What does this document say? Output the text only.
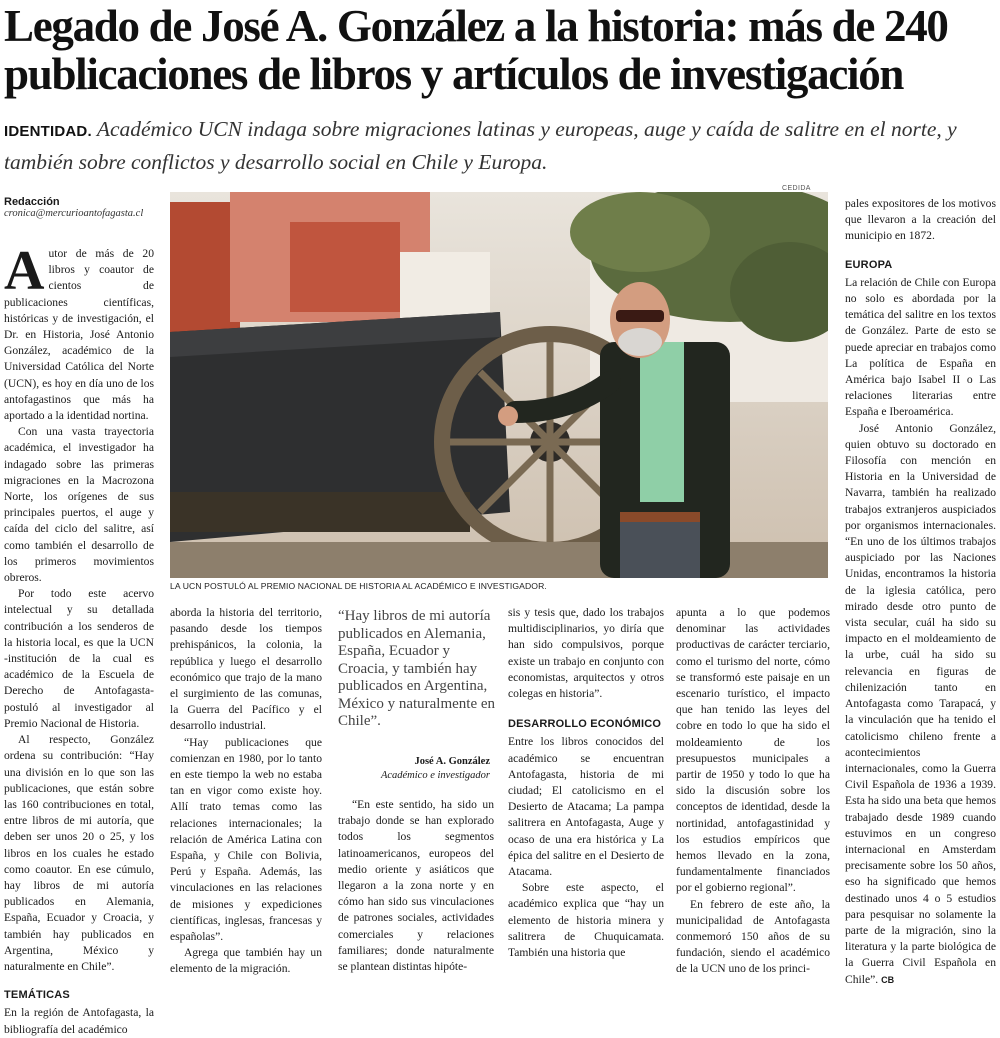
Legado de José A. González a la historia: más de 240 publicaciones de libros y artículos de investigación

IDENTIDAD. Académico UCN indaga sobre migraciones latinas y europeas, auge y caída de salitre en el norte, y también sobre conflictos y desarrollo social en Chile y Europa.

Redacción
cronica@mercurioantofagasta.cl
CEDIDA

Autor de más de 20 libros y coautor de cientos de publicaciones científicas, históricas y de investigación, el Dr. en Historia, José Antonio González, académico de la Universidad Católica del Norte (UCN), es hoy en día uno de los antofagastinos que más ha aportado a la identidad nortina.

Con una vasta trayectoria académica, el investigador ha indagado sobre las primeras migraciones en la Macrozona Norte, los orígenes de sus principales puertos, el auge y caída del ciclo del salitre, así como también el desarrollo de los primeros movimientos obreros.

Por todo este acervo intelectual y su detallada contribución a los senderos de la historia local, es que la UCN -institución de la cual es académico de la Escuela de Derecho de Antofagasta- postuló al investigador al Premio Nacional de Historia.

Al respecto, González ordena su contribución: “Hay una división en lo que son las publicaciones, que están sobre las 160 contribuciones en total, entre libros de mi autoría, que deben ser unos 20 o 25, y los libros en los cuales he estado como coautor. En ese cúmulo, hay libros de mi autoría publicados en Alemania, España, Ecuador y Croacia, y también hay publicados en Argentina, México y naturalmente en Chile”.

TEMÁTICAS

En la región de Antofagasta, la bibliografía del académico

LA UCN POSTULÓ AL PREMIO NACIONAL DE HISTORIA AL ACADÉMICO E INVESTIGADOR.

aborda la historia del territorio, pasando desde los tiempos prehispánicos, la colonia, la república y luego el desarrollo económico que trajo de la mano el surgimiento de las comunas, la Guerra del Pacífico y el desarrollo industrial.

“Hay publicaciones que comienzan en 1980, por lo tanto en este tiempo la web no estaba tan en vigor como existe hoy. Allí trato temas como las relaciones internacionales; la relación de América Latina con España, y Chile con Bolivia, Perú y España. Además, las vinculaciones en las relaciones de misiones y expediciones científicas, inglesas, francesas y españolas”.

Agrega que también hay un elemento de la migración.

“Hay libros de mi autoría publicados en Alemania, España, Ecuador y Croacia, y también hay publicados en Argentina, México y naturalmente en Chile”.
José A. González
Académico e investigador

“En este sentido, ha sido un trabajo donde se han explorado todos los segmentos latinoamericanos, europeos del medio oriente y asiáticos que llegaron a la zona norte y en cómo han sido sus vinculaciones de patrones sociales, actividades comerciales y relaciones familiares; donde naturalmente se plantean distintas hipóte-

sis y tesis que, dado los trabajos multidisciplinarios, yo diría que han sido compulsivos, porque existe un trabajo en conjunto con economistas, arquitectos y otros colegas en historia”.

DESARROLLO ECONÓMICO

Entre los libros conocidos del académico se encuentran Antofagasta, historia de mi ciudad; El catolicismo en el Desierto de Atacama; La pampa salitrera en Antofagasta, Auge y ocaso de una era histórica y La épica del salitre en el Desierto de Atacama.

Sobre este aspecto, el académico explica que “hay un elemento de historia minera y salitrera de Chuquicamata. También una historia que

apunta a lo que podemos denominar las actividades productivas de carácter terciario, como el turismo del norte, cómo se transformó este paisaje en un escenario turístico, el impacto que han tenido las leyes del cobre en todo lo que ha sido el moldeamiento de los presupuestos municipales a partir de 1950 y todo lo que ha sido la discusión sobre los conceptos de identidad, desde la nortinidad, antofagastinidad y los estudios empíricos que hemos llevado en la zona, fundamentalmente financiados por el gobierno regional”.

En febrero de este año, la municipalidad de Antofagasta conmemoró 150 años de su fundación, siendo el académico de la UCN uno de los princi-

pales expositores de los motivos que llevaron a la creación del municipio en 1872.

EUROPA

La relación de Chile con Europa no solo es abordada por la temática del salitre en los textos de González. Parte de esto se puede apreciar en trabajos como La política de España en América bajo Isabel II o Las relaciones literarias entre España e Iberoamérica.

José Antonio González, quien obtuvo su doctorado en Filosofía con mención en Historia en la Universidad de Navarra, también ha realizado trabajos extranjeros auspiciados por organismos internacionales. “En uno de los últimos trabajos auspiciado por las Naciones Unidas, encontramos la historia de la iglesia católica, pero mirado desde otro punto de vista secular, cuál ha sido su impacto en el moldeamiento de la urbe, cuál ha sido su relevancia en figuras de chilenización tanto en Antofagasta como Tarapacá, y la vinculación que ha tenido el catolicismo chileno frente a acontecimientos internacionales, como la Guerra Civil Española de 1936 a 1939. Esta ha sido una beta que hemos trabajado desde 1989 cuando estuvimos en un congreso internacional en Amsterdam precisamente sobre los 50 años, eso ha significado que hemos destinado unos 4 o 5 estudios para pesquisar no solamente la parte de la migración, sino la literatura y la parte biológica de la Guerra Civil Española en Chile”. CB
